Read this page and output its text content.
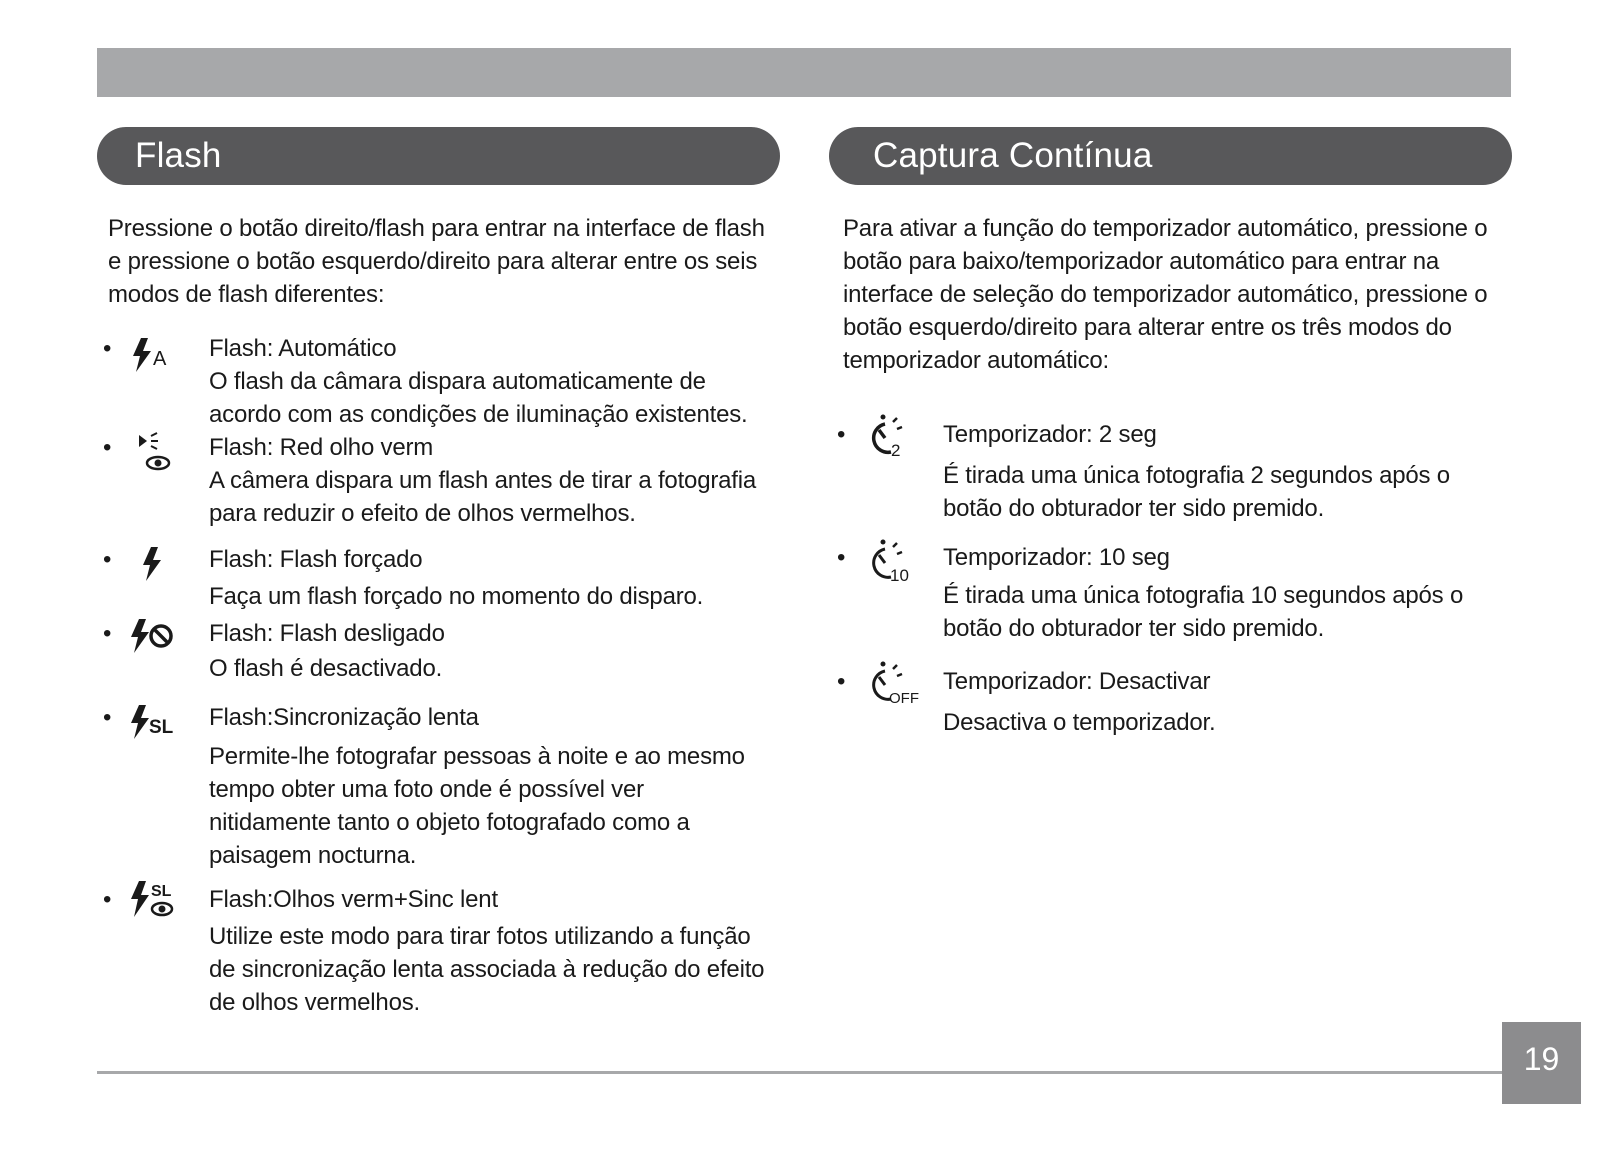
Flash	Captura Contínua

Pressione o botão direito/flash para entrar na interface de flash e pressione o botão esquerdo/direito para alterar entre os seis modos de flash diferentes:

Para ativar a função do temporizador automático, pressione o botão para baixo/temporizador automático para entrar na interface de seleção do temporizador automático, pressione o botão esquerdo/direito para alterar entre os três modos do temporizador automático:

• A Flash: Automático

O flash da câmara dispara automaticamente de acordo com as condições de iluminação existentes.

•	Flash: Red olho verm

A câmera dispara um flash antes de tirar a fotografia para reduzir o efeito de olhos vermelhos.

•	Flash: Flash forçado

Faça um flash forçado no momento do disparo.

•	Flash: Flash desligado

O flash é desactivado.

• SL Flash:Sincronização lenta

Permite-lhe fotografar pessoas à noite e ao mesmo tempo obter uma foto onde é possível ver nitidamente tanto o objeto fotografado como a paisagem nocturna.

• SL Flash:Olhos verm+Sinc lent

Utilize este modo para tirar fotos utilizando a função de sincronização lenta associada à redução do efeito de olhos vermelhos.

•
2
Temporizador: 2 seg

É tirada uma única fotografia 2 segundos após o botão do obturador ter sido premido.

•
10
Temporizador: 10 seg

É tirada uma única fotografia 10 segundos após o botão do obturador ter sido premido.

•
OFF
Temporizador: Desactivar

Desactiva o temporizador.

19
